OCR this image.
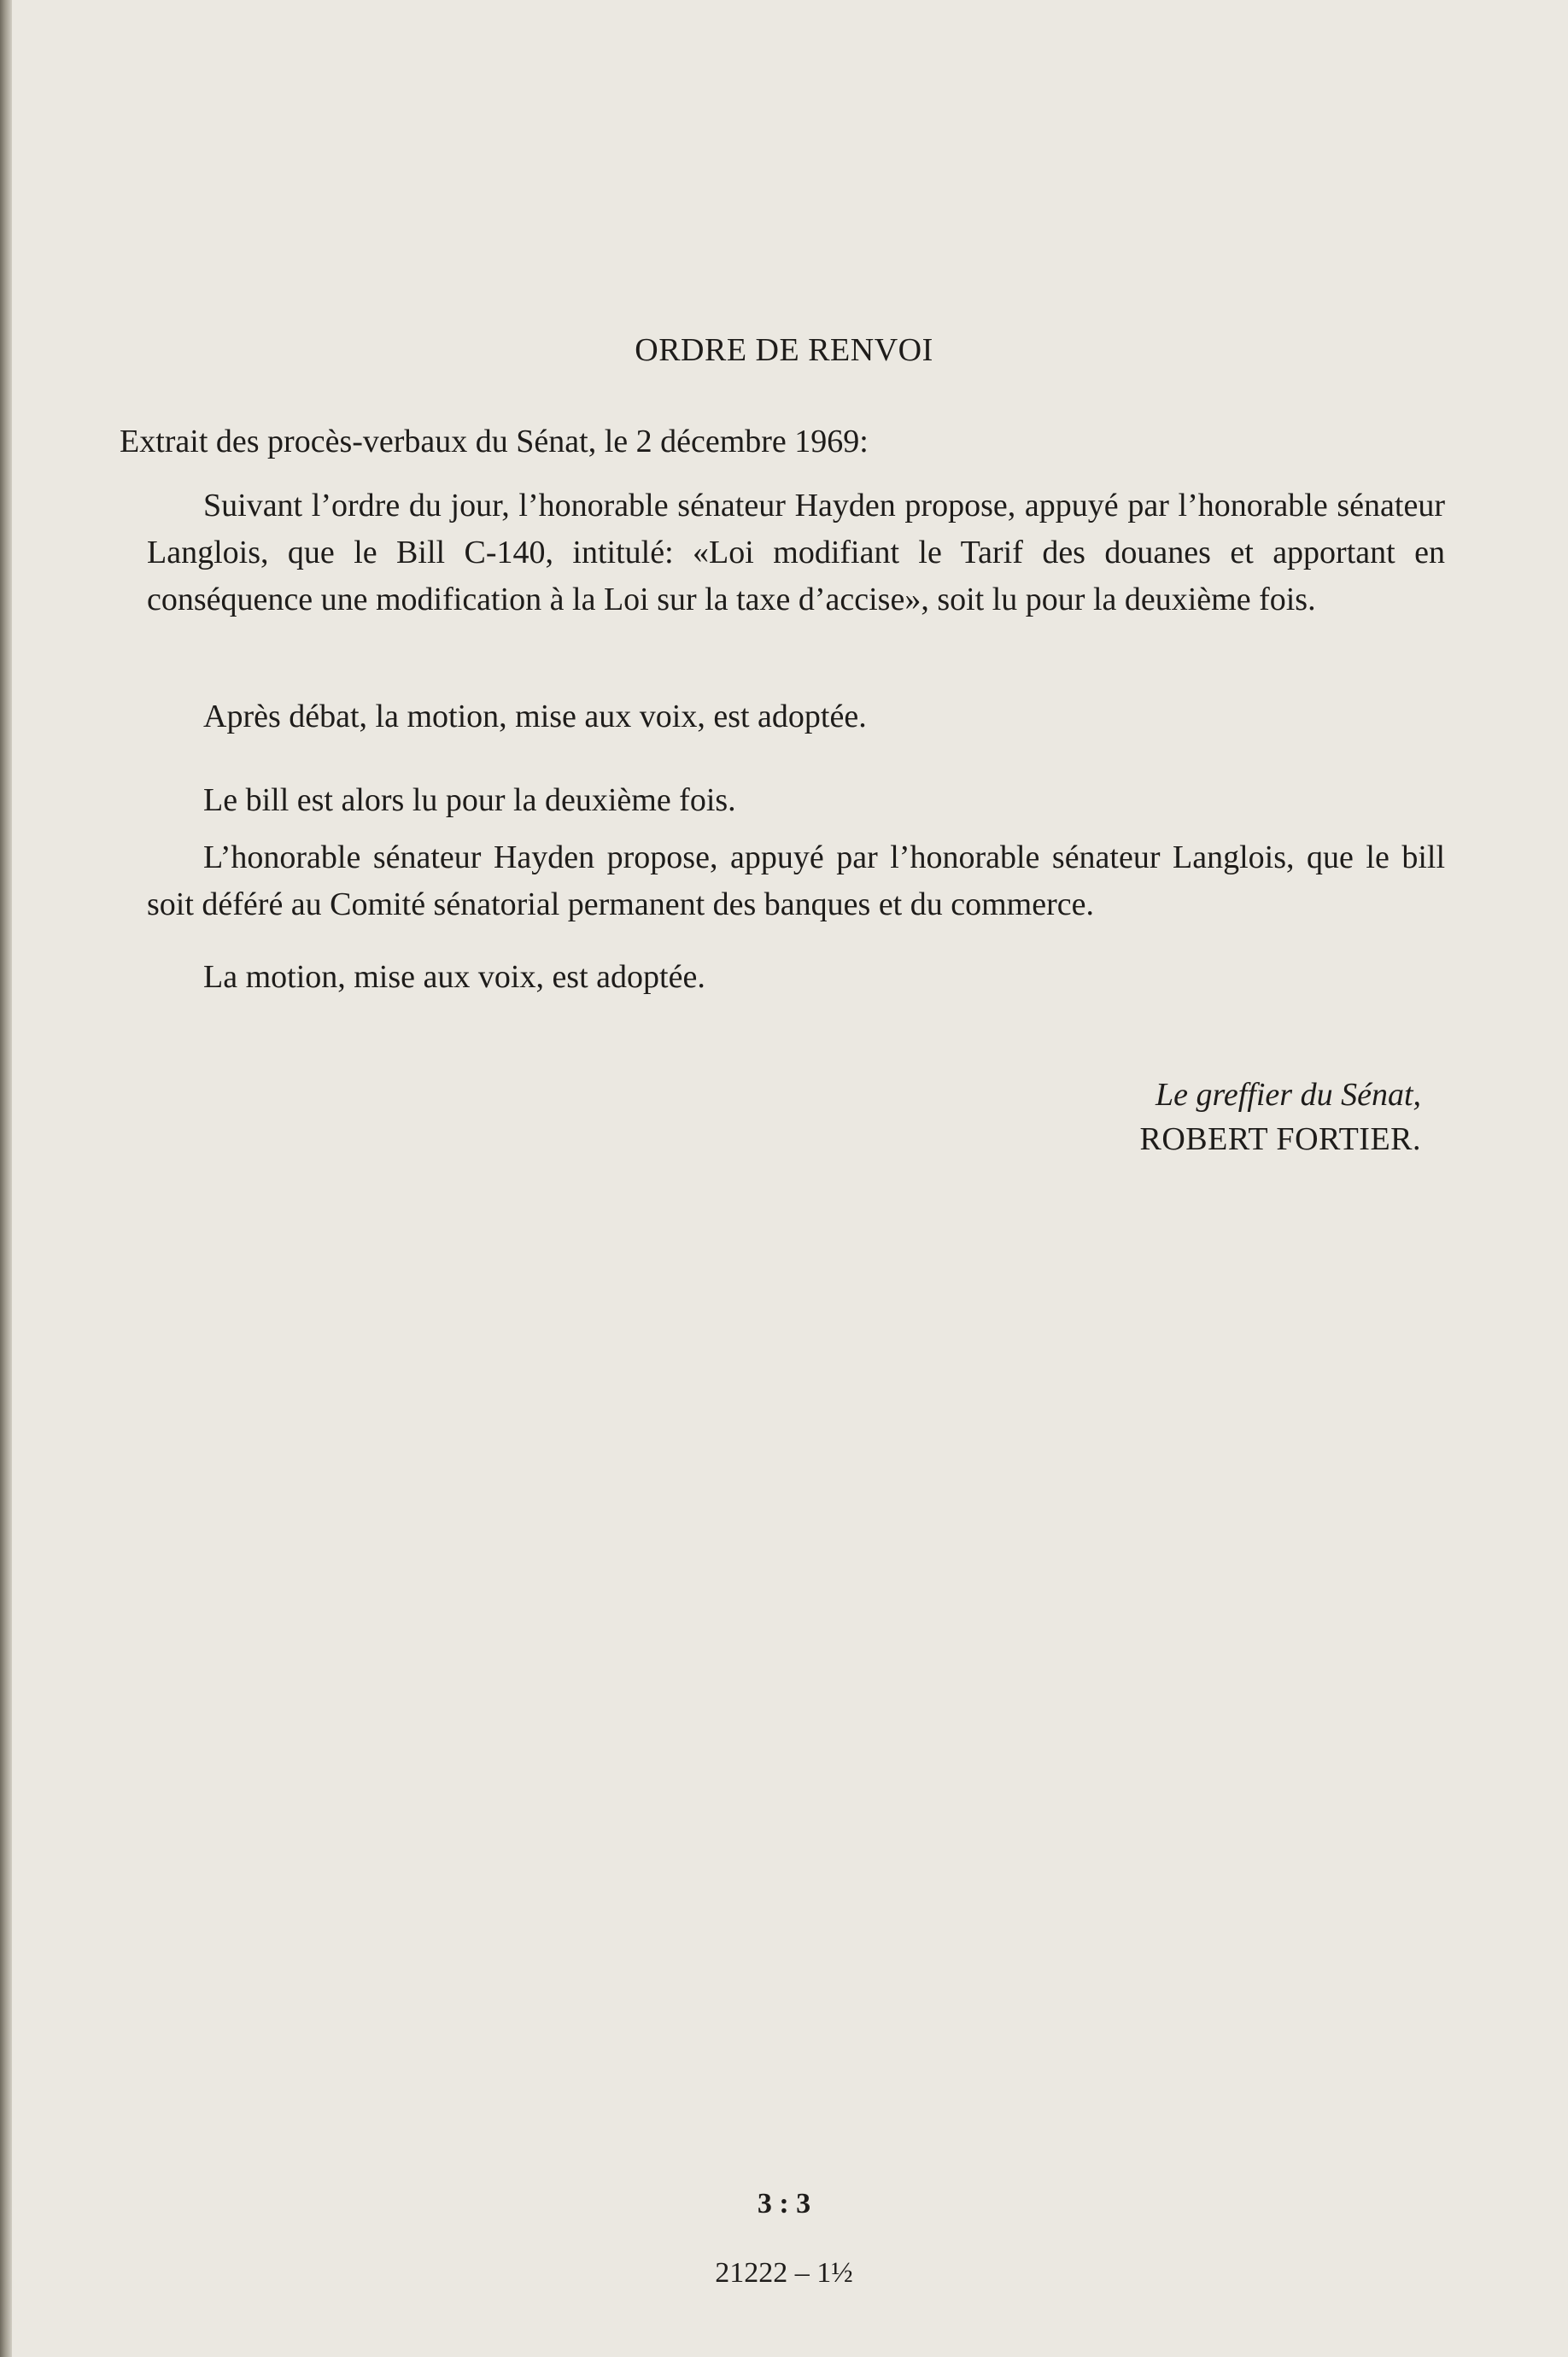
ORDRE DE RENVOI
Extrait des procès-verbaux du Sénat, le 2 décembre 1969:
Suivant l’ordre du jour, l’honorable sénateur Hayden propose, appuyé par l’honorable sénateur Langlois, que le Bill C-140, intitulé: «Loi modifiant le Tarif des douanes et apportant en conséquence une modification à la Loi sur la taxe d’accise», soit lu pour la deuxième fois.
Après débat, la motion, mise aux voix, est adoptée.
Le bill est alors lu pour la deuxième fois.
L’honorable sénateur Hayden propose, appuyé par l’honorable sénateur Langlois, que le bill soit déféré au Comité sénatorial permanent des banques et du commerce.
La motion, mise aux voix, est adoptée.
Le greffier du Sénat,
ROBERT FORTIER.
3 : 3
21222 – 1½
